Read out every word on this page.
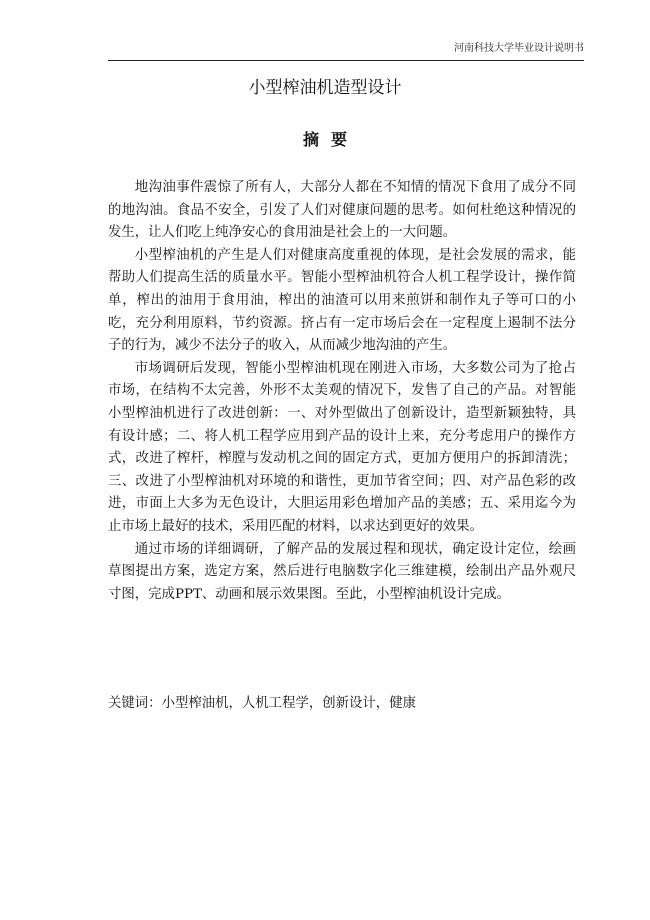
河南科技大学毕业设计说明书
小型榨油机造型设计
摘要

地沟油事件震惊了所有人，大部分人都在不知情的情况下食用了成分不同的地沟油。食品不安全，引发了人们对健康问题的思考。如何杜绝这种情况的发生，让人们吃上纯净安心的食用油是社会上的一大问题。

小型榨油机的产生是人们对健康高度重视的体现，是社会发展的需求，能帮助人们提高生活的质量水平。智能小型榨油机符合人机工程学设计，操作简单，榨出的油用于食用油，榨出的油渣可以用来煎饼和制作丸子等可口的小吃，充分利用原料，节约资源。挤占有一定市场后会在一定程度上遏制不法分子的行为，减少不法分子的收入，从而减少地沟油的产生。

市场调研后发现，智能小型榨油机现在刚进入市场，大多数公司为了抢占市场，在结构不太完善，外形不太美观的情况下，发售了自己的产品。对智能小型榨油机进行了改进创新：一、对外型做出了创新设计，造型新颖独特，具有设计感；二、将人机工程学应用到产品的设计上来，充分考虑用户的操作方式，改进了榨杆，榨膛与发动机之间的固定方式，更加方便用户的拆卸清洗；三、改进了小型榨油机对环境的和谐性，更加节省空间；四、对产品色彩的改进，市面上大多为无色设计，大胆运用彩色增加产品的美感；五、采用迄今为止市场上最好的技术，采用匹配的材料，以求达到更好的效果。

通过市场的详细调研，了解产品的发展过程和现状，确定设计定位，绘画草图提出方案，选定方案，然后进行电脑数字化三维建模，绘制出产品外观尺寸图，完成PPT、动画和展示效果图。至此，小型榨油机设计完成。

关键词：小型榨油机，人机工程学，创新设计，健康
